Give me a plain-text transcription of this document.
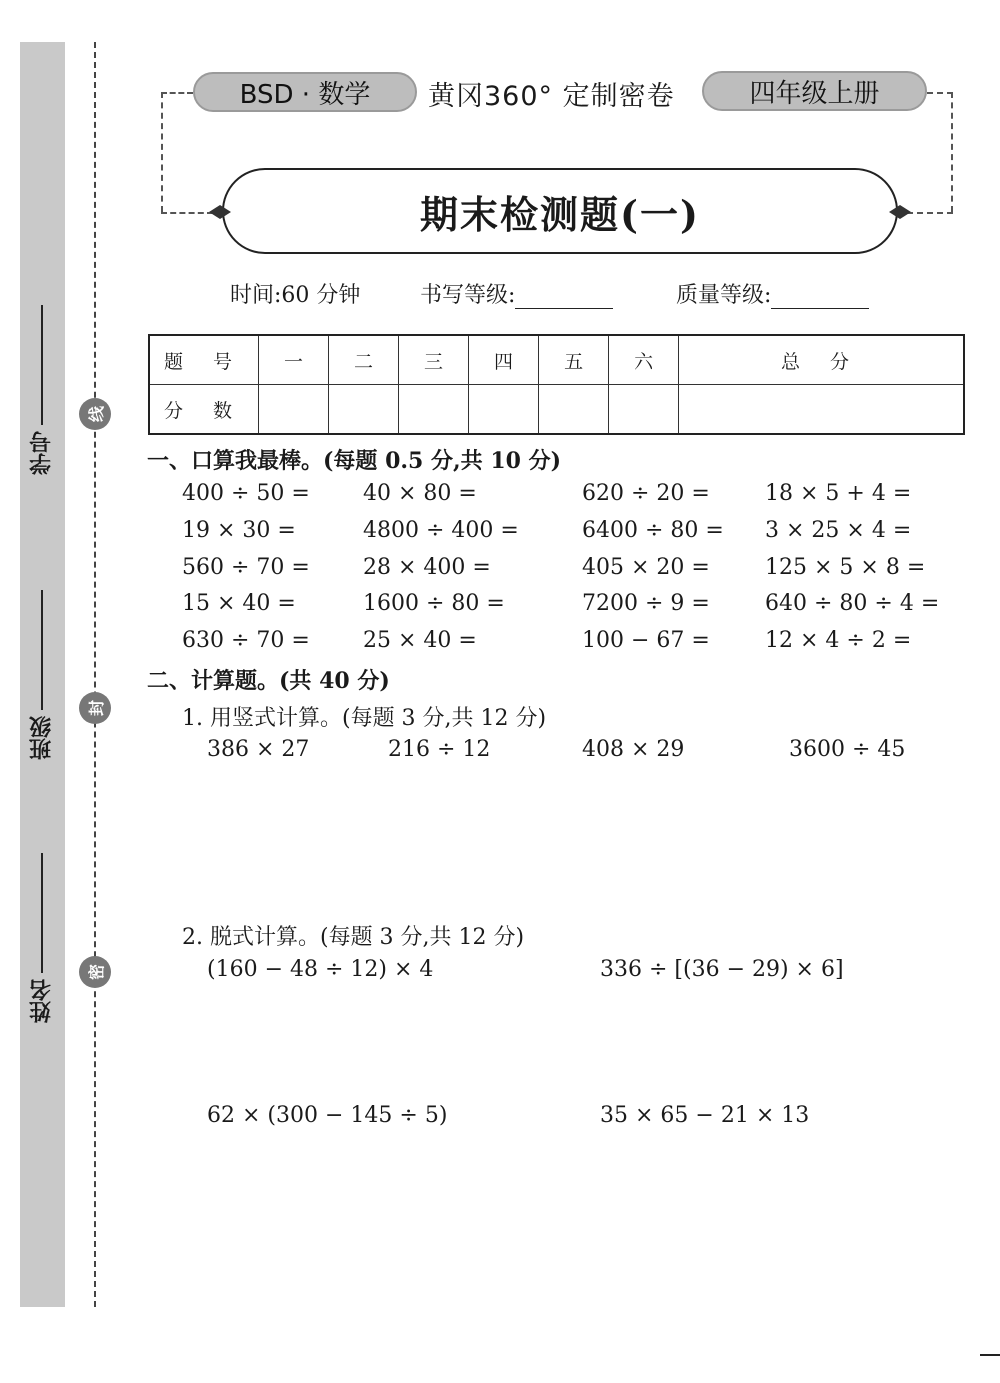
学号
班级
姓名
线
封
密
BSD · 数学	黄冈360° 定制密卷	四年级上册
期末检测题(一)
时间:60 分钟	书写等级:	质量等级:
题 号	一	二	三	四	五	六	总 分
分 数							
一、口算我最棒。(每题 0.5 分,共 10 分)
400 ÷ 50 = 40 × 80 =	620 ÷ 20 =	18 × 5 + 4 =
19 × 30 =	4800 ÷ 400 =	6400 ÷ 80 = 3 × 25 × 4 =
560 ÷ 70 = 28 × 400 =	405 × 20 =	125 × 5 × 8 =
15 × 40 =	1600 ÷ 80 =	7200 ÷ 9 =	640 ÷ 80 ÷ 4 =
630 ÷ 70 = 25 × 40 =	100 − 67 =	12 × 4 ÷ 2 =
二、计算题。(共 40 分)
1. 用竖式计算。(每题 3 分,共 12 分)
386 × 27	216 ÷ 12	408 × 29	3600 ÷ 45
2. 脱式计算。(每题 3 分,共 12 分)
(160 − 48 ÷ 12) × 4	336 ÷ [(36 − 29) × 6]
62 × (300 − 145 ÷ 5)	35 × 65 − 21 × 13
